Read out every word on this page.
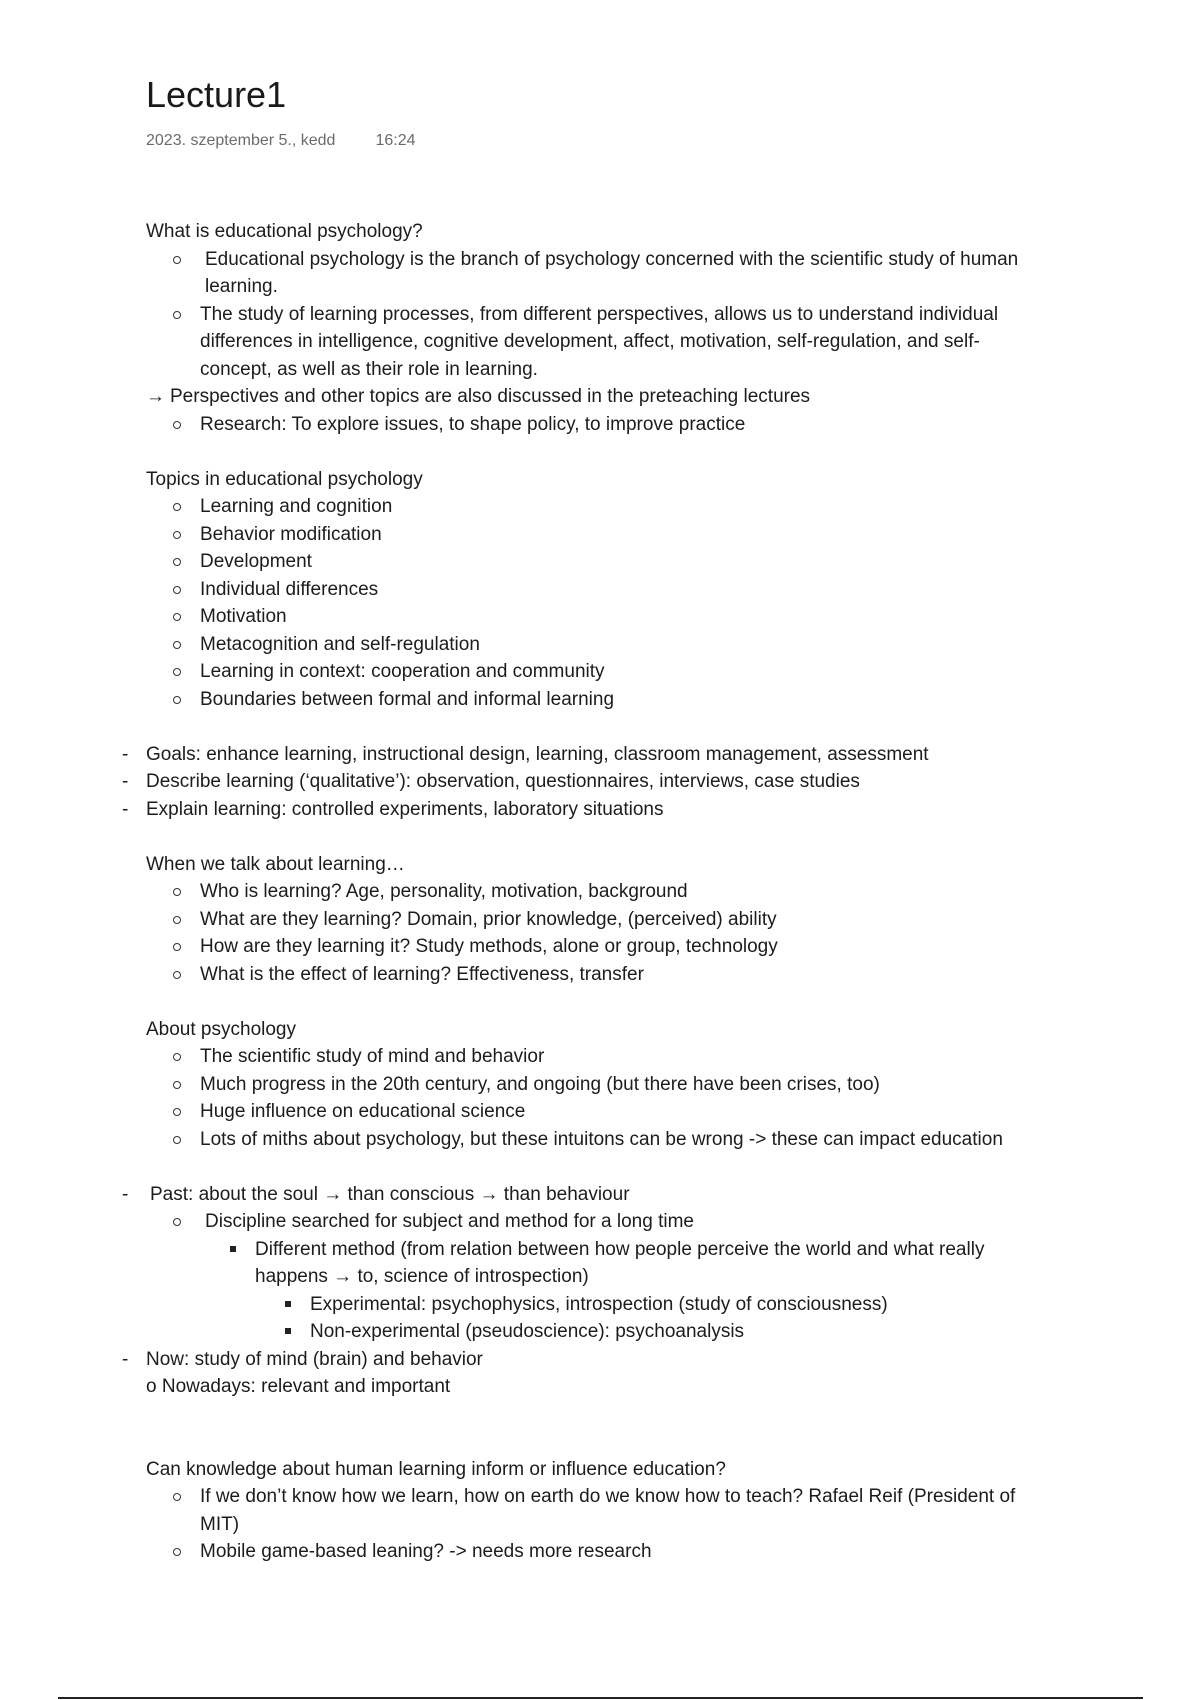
Lecture1
2023. szeptember 5., kedd	16:24

What is educational psychology?

Educational psychology is the branch of psychology concerned with the scientific study of human learning.

The study of learning processes, from different perspectives, allows us to understand individual differences in intelligence, cognitive development, affect, motivation, self-regulation, and self-concept, as well as their role in learning.

→ Perspectives and other topics are also discussed in the preteaching lectures

Research: To explore issues, to shape policy, to improve practice

Topics in educational psychology

Learning and cognition

Behavior modification

Development

Individual differences

Motivation

Metacognition and self-regulation

Learning in context: cooperation and community

Boundaries between formal and informal learning

- Goals: enhance learning, instructional design, learning, classroom management, assessment

- Describe learning (‘qualitative’): observation, questionnaires, interviews, case studies

- Explain learning: controlled experiments, laboratory situations

When we talk about learning…

Who is learning? Age, personality, motivation, background

What are they learning? Domain, prior knowledge, (perceived) ability

How are they learning it? Study methods, alone or group, technology

What is the effect of learning? Effectiveness, transfer

About psychology

The scientific study of mind and behavior

Much progress in the 20th century, and ongoing (but there have been crises, too)

Huge influence on educational science

Lots of miths about psychology, but these intuitons can be wrong -> these can impact education

- Past: about the soul → than conscious → than behaviour

Discipline searched for subject and method for a long time

Different method (from relation between how people perceive the world and what really happens → to, science of introspection)

Experimental: psychophysics, introspection (study of consciousness)

Non-experimental (pseudoscience): psychoanalysis

- Now: study of mind (brain) and behavior

o Nowadays: relevant and important

Can knowledge about human learning inform or influence education?

If we don’t know how we learn, how on earth do we know how to teach? Rafael Reif (President of MIT)

Mobile game-based leaning? -> needs more research
